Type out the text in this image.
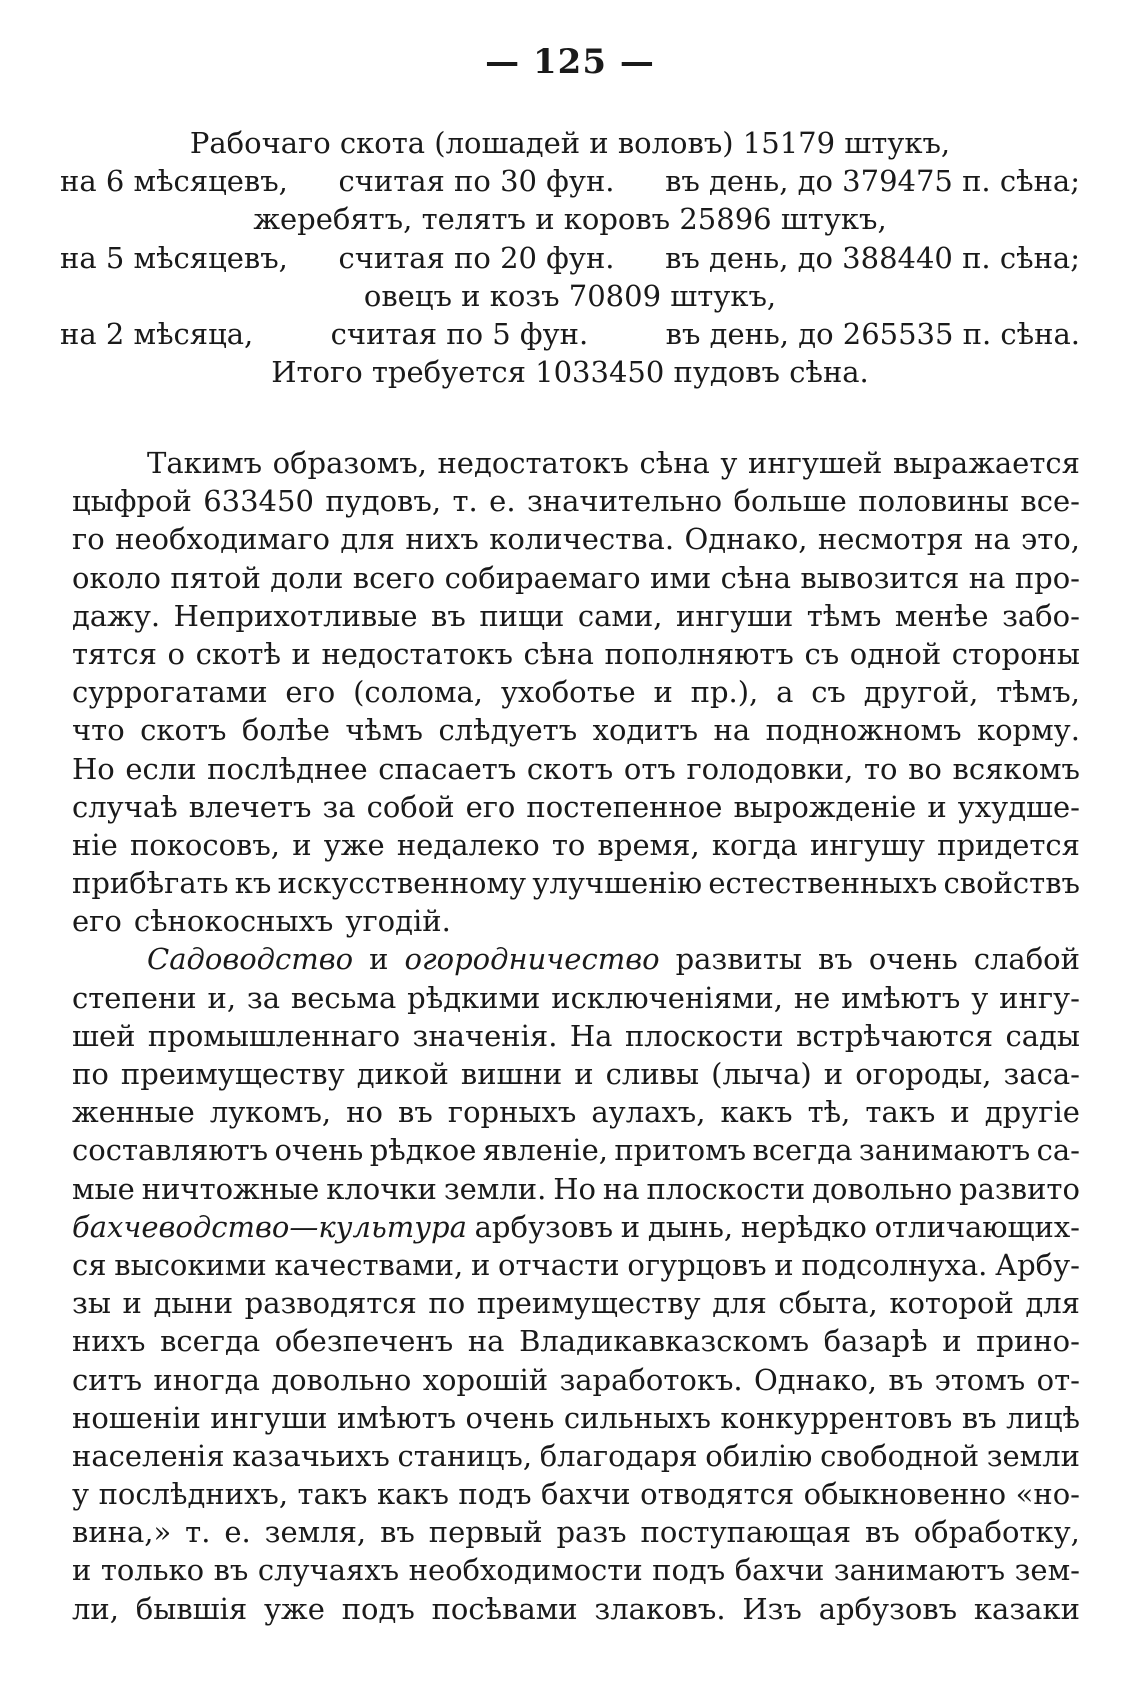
— 125 —
Рабочаго скота (лошадей и воловъ) 15179 штукъ,
на 6 мѣсяцевъ, считая по 30 фун. въ день, до 379475 п. сѣна;
жеребятъ, телятъ и коровъ 25896 штукъ,
на 5 мѣсяцевъ, считая по 20 фун. въ день, до 388440 п. сѣна;
овецъ и козъ 70809 штукъ,
на 2 мѣсяца,	считая по 5 фун.	въ день, до 265535 п. сѣна.
Итого требуется 1033450 пудовъ сѣна.
Такимъ образомъ, недостатокъ сѣна у ингушей выражается
цыфрой 633450 пудовъ, т. е. значительно больше половины все-
го необходимаго для нихъ количества. Однако, несмотря на это,
около пятой доли всего собираемаго ими сѣна вывозится на про-
дажу. Неприхотливые въ пищи сами, ингуши тѣмъ менѣе забо-
тятся о скотѣ и недостатокъ сѣна пополняютъ съ одной стороны
суррогатами его (солома, ухоботье и пр.), а съ другой, тѣмъ,
что скотъ болѣе чѣмъ слѣдуетъ ходитъ на подножномъ корму.
Но если послѣднее спасаетъ скотъ отъ голодовки, то во всякомъ
случаѣ влечетъ за собой его постепенное вырожденіе и ухудше-
ніе покосовъ, и уже недалеко то время, когда ингушу придется
прибѣгать къ искусственному улучшенію естественныхъ свойствъ
его сѣнокосныхъ угодій.
Садоводство и огородничество развиты въ очень слабой
степени и, за весьма рѣдкими исключеніями, не имѣютъ у ингу-
шей промышленнаго значенія. На плоскости встрѣчаются сады
по преимуществу дикой вишни и сливы (лыча) и огороды, заса-
женные лукомъ, но въ горныхъ аулахъ, какъ тѣ, такъ и другіе
составляютъ очень рѣдкое явленіе, притомъ всегда занимаютъ са-
мые ничтожные клочки земли. Но на плоскости довольно развито
бахчеводство—культура арбузовъ и дынь, нерѣдко отличающих-
ся высокими качествами, и отчасти огурцовъ и подсолнуха. Арбу-
зы и дыни разводятся по преимуществу для сбыта, которой для
нихъ всегда обезпеченъ на Владикавказскомъ базарѣ и прино-
ситъ иногда довольно хорошій заработокъ. Однако, въ этомъ от-
ношеніи ингуши имѣютъ очень сильныхъ конкуррентовъ въ лицѣ
населенія казачьихъ станицъ, благодаря обилію свободной земли
у послѣднихъ, такъ какъ подъ бахчи отводятся обыкновенно «но-
вина,» т. е. земля, въ первый разъ поступающая въ обработку,
и только въ случаяхъ необходимости подъ бахчи занимаютъ зем-
ли, бывшія уже подъ посѣвами злаковъ. Изъ арбузовъ казаки
